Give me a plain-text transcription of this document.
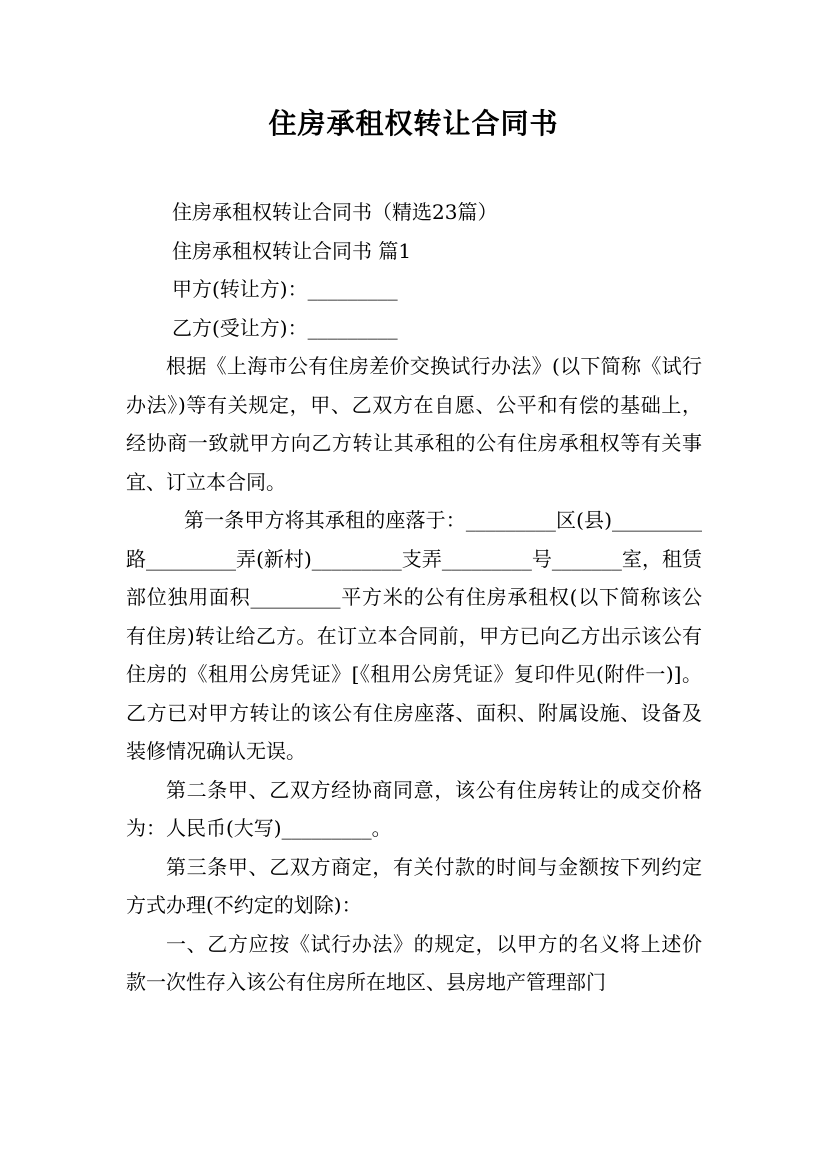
住房承租权转让合同书

住房承租权转让合同书（精选23篇）

住房承租权转让合同书 篇1

甲方(转让方)：_________

乙方(受让方)：_________

根据《上海市公有住房差价交换试行办法》(以下简称《试行办法》)等有关规定，甲、乙双方在自愿、公平和有偿的基础上，经协商一致就甲方向乙方转让其承租的公有住房承租权等有关事宜、订立本合同。

第一条甲方将其承租的座落于：_________区(县)_________路_________弄(新村)_________支弄_________号_______室，租赁部位独用面积_________平方米的公有住房承租权(以下简称该公有住房)转让给乙方。在订立本合同前，甲方已向乙方出示该公有住房的《租用公房凭证》[《租用公房凭证》复印件见(附件一)]。乙方已对甲方转让的该公有住房座落、面积、附属设施、设备及装修情况确认无误。

第二条甲、乙双方经协商同意，该公有住房转让的成交价格为：人民币(大写)_________。

第三条甲、乙双方商定，有关付款的时间与金额按下列约定方式办理(不约定的划除)：

一、乙方应按《试行办法》的规定，以甲方的名义将上述价款一次性存入该公有住房所在地区、县房地产管理部门
